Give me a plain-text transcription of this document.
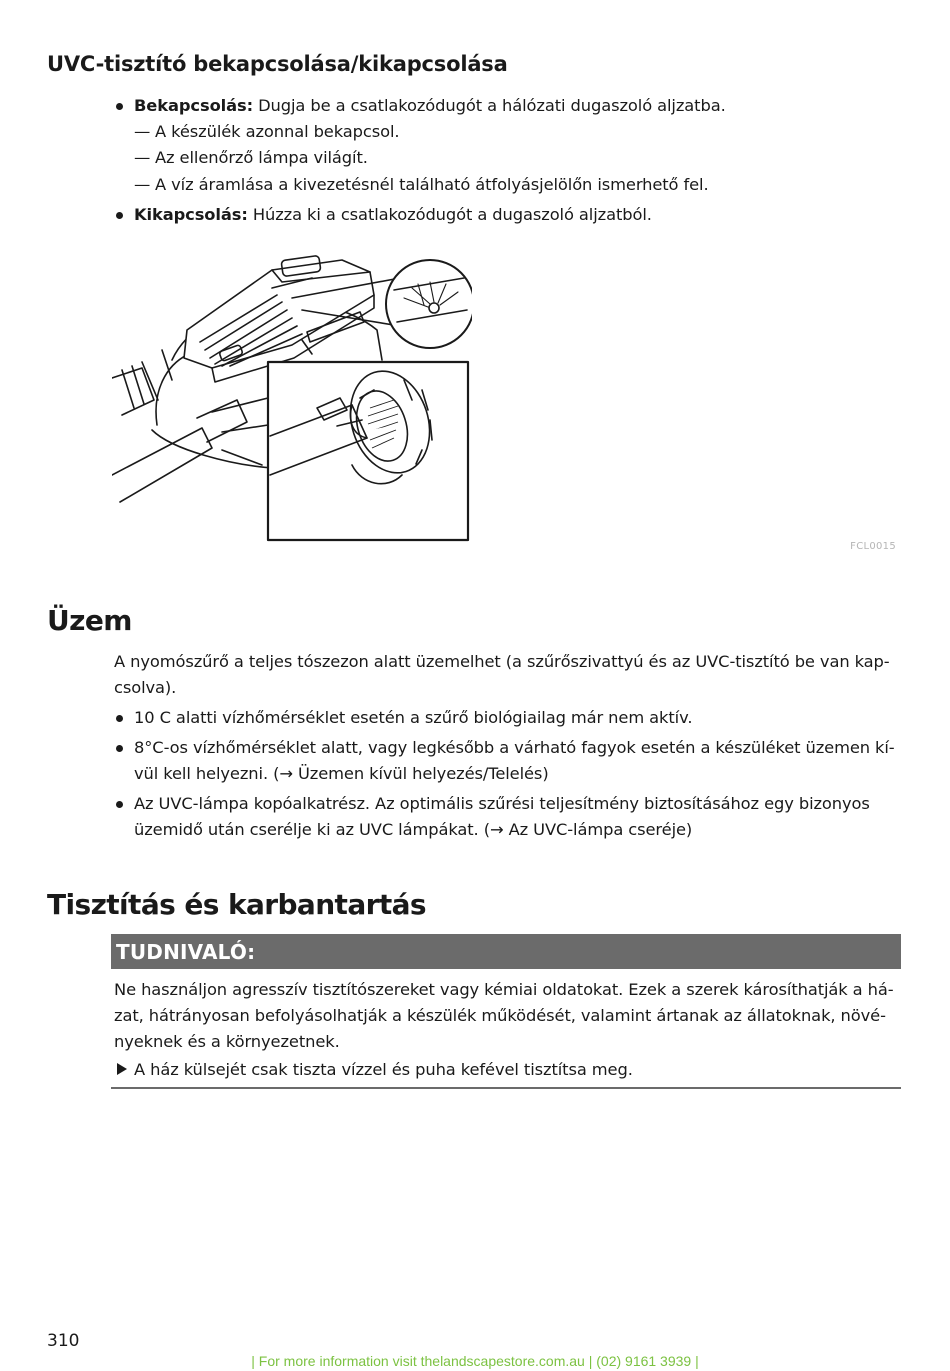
UVC-tisztító bekapcsolása/kikapcsolása
Bekapcsolás: Dugja be a csatlakozódugót a hálózati dugaszoló aljzatba.
— A készülék azonnal bekapcsol.
— Az ellenőrző lámpa világít.
— A víz áramlása a kivezetésnél található átfolyásjelölőn ismerhető fel.
Kikapcsolás: Húzza ki a csatlakozódugót a dugaszoló aljzatból.
FCL0015
Üzem
A nyomószűrő a teljes tószezon alatt üzemelhet (a szűrőszivattyú és az UVC-tisztító be van kap-
csolva).
10 C alatti vízhőmérséklet esetén a szűrő biológiailag már nem aktív.
8°C-os vízhőmérséklet alatt, vagy legkésőbb a várható fagyok esetén a készüléket üzemen kí-
vül kell helyezni. (→ Üzemen kívül helyezés/Telelés)
Az UVC-lámpa kopóalkatrész. Az optimális szűrési teljesítmény biztosításához egy bizonyos
üzemidő után cserélje ki az UVC lámpákat. (→ Az UVC-lámpa cseréje)
Tisztítás és karbantartás
TUDNIVALÓ:
Ne használjon agresszív tisztítószereket vagy kémiai oldatokat. Ezek a szerek károsíthatják a há-
zat, hátrányosan befolyásolhatják a készülék működését, valamint ártanak az állatoknak, növé-
nyeknek és a környezetnek.
A ház külsejét csak tiszta vízzel és puha kefével tisztítsa meg.
310
| For more information visit thelandscapestore.com.au | (02) 9161 3939 |
